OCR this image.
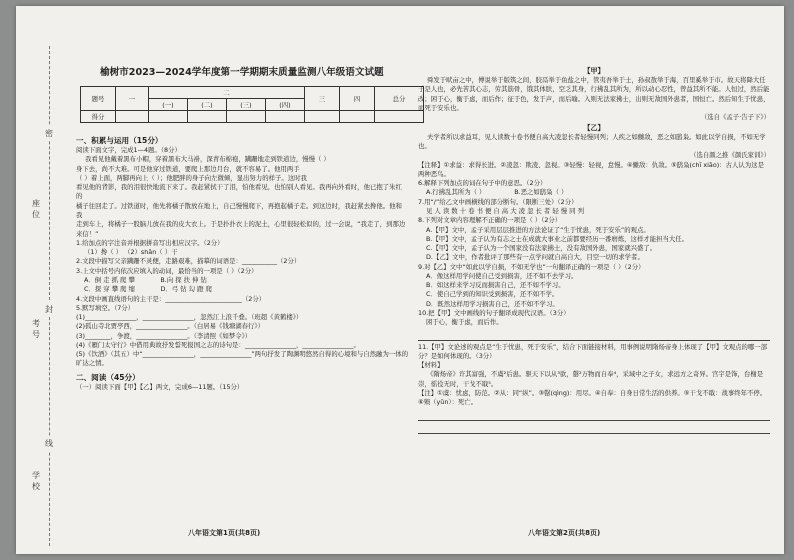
密
座位
封
考号
线
学校
榆树市2023—2024学年度第一学期期末质量监测八年级语文试题
题号	一	二				三	四	总分
		(一)	(二)	(三)	(四)			
得分								
一、积累与运用（15分）

阅读下面文字，完成1—4题。（8分）

我看见他戴着黑布小帽，穿着黑布大马褂，深青布棉袍，蹒跚地走到铁道边，慢慢（ ）

身下去，尚不大难。可是他穿过铁道，要爬上那边月台，就不容易了。他用两手

（ ）着上面，两脚再向上（ ）；他肥胖的身子向左微倾，显出努力的样子。这时我

看见他的背影，我的泪很快地流下来了。我赶紧拭干了泪，怕他看见，也怕别人看见。我再向外看时，他已抱了朱红的

橘子往回走了。过铁道时，他先将橘子散放在地上，自己慢慢爬下，再抱起橘子走。到这边时，我赶紧去搀他。他和我

走到车上，将橘子一股脑儿放在我的皮大衣上。于是扑扑衣上的泥土，心里很轻松似的，过一会说，“我走了，到那边来信！”

1.给加点的字注音并根据拼音写出相应汉字。（2分）

（1）搀（ ） （2）shān（ ）干

2.文段中描写父亲蹒跚不灵便，走路艰难，描摹的词语是：___________（2分）

3.上文中括号内依次应填入的动词，最恰当的一项是（ ）（2分）

A．倒 走 抓 爬 攀　　　　	B.向 探 扶 伸 钻

C．探 穿 攀 爬 缩　　　　	D．弓 钻 勾 蹬 爬

4.文段中画直线语句的主干是：________________________（2分）

5.默写填空。（7分）

(1)________________，________________，忽然江上浪千叠。（班超《黄鹤楼》）

(2)孤山寺北贾亭西，________________。（白居易《钱塘湖春行》）

(3)________，争渡，________________。（李清照《如梦令》）

(4)《雁门太守行》中借用典故抒发誓死报国之志的诗句是：________________，________________。

(5)《饮酒》（其五）中“________________，________________”两句抒发了陶渊明悠然自得的心境和与自然融为一体的旷达之情。

二、阅读（45分）

（一）阅读下面【甲】【乙】两文，完成6—11题。（15分）

【甲】

舜发于畎亩之中，傅说举于版筑之间，胶鬲举于鱼盐之中，管夷吾举于士，孙叔敖举于海，百里奚举于市。故天将降大任于是人也，必先苦其心志，劳其筋骨，饿其体肤，空乏其身，行拂乱其所为，所以动心忍性，曾益其所不能。人恒过，然后能改；困于心，衡于虑，而后作；征于色，发于声，而后喻。入则无法家拂士，出则无敌国外患者，国恒亡。然后知生于忧患，而死于安乐也。

（选自《孟子·告子下》）

【乙】

夫学者所以求益耳，见人读数十卷书便自高大凌忽长者轻慢同列；人疾之如雠敌，恶之如鸱枭。如此以学自损，不如无学也。

（选自颜之推《颜氏家训》）

【注释】①求益：求得长进。②凌忽：欺凌、忽视。③轻慢：轻视，怠慢。④雠敌：仇敌。⑤鸱枭(chī xiāo)：古人认为这是两种恶鸟。

6.解释下列加点的词在句子中的意思。（2分）

A.行拂乱其所为（ ）　　　　　	B.恶之如鸱枭（ ）

7.用“/”给乙文中画横线的部分断句。（限断三处）（2分）

见 人 读 数 十 卷 书 便 自 高 大 凌 忽 长 者 轻 慢 同 列

8.下列对文章内容理解不正确的一项是（ ）（2分）

A.【甲】文中，孟子采用层层推进的方法论证了“生于忧患，死于安乐”的观点。

B.【甲】文中，孟子认为有志之士在成就大事业之前都要经历一番磨炼，这样才能担当大任。

C.【甲】文中，孟子认为一个国家没有法家拂士，没有敌国外患，国家就兴盛了。

D.【乙】文中，作者批评了那些有一点学问就自高自大，目空一切的求学者。

9.对【乙】文中“如此以学自损，不如无学也”一句翻译正确的一项是（ ）（2分）

A．像这样用学问使自己受到损害，还不如不去学习。

B．如这样来学习反而损害自己，还不如不学习。

C．使自己学到的知识受到损害，还不如不学。

D．既然这样用学习损害自己，还不如不学习。

10.把【甲】文中画线的句子翻译成现代汉语。（3分）

困于心，衡于虑，而后作。

11.【甲】文论述的观点是“生于忧患，死于安乐”，结合下面链接材料，用事例说明隋炀帝身上体现了【甲】文观点的哪一部分？是如何体现的。（3分）

【材料】

《隋炀帝》许其富强，不虞²后患。驱天下以从³欲，罄²万物而自奉⁴，采域中之子女，求远方之奇异。宫宇是饰，台榭是崇，徭役无时，干戈不戢⁵。

【注】①虞：忧虑，防范。②从：同“纵”。③罄(qìng)：用尽。④自奉：自身日常生活的供养。⑤干戈不戢：战事终年不停。⑥殒（yǔn）：死亡。

八年语文第1页(共8页)	八年语文第2页(共8页)
